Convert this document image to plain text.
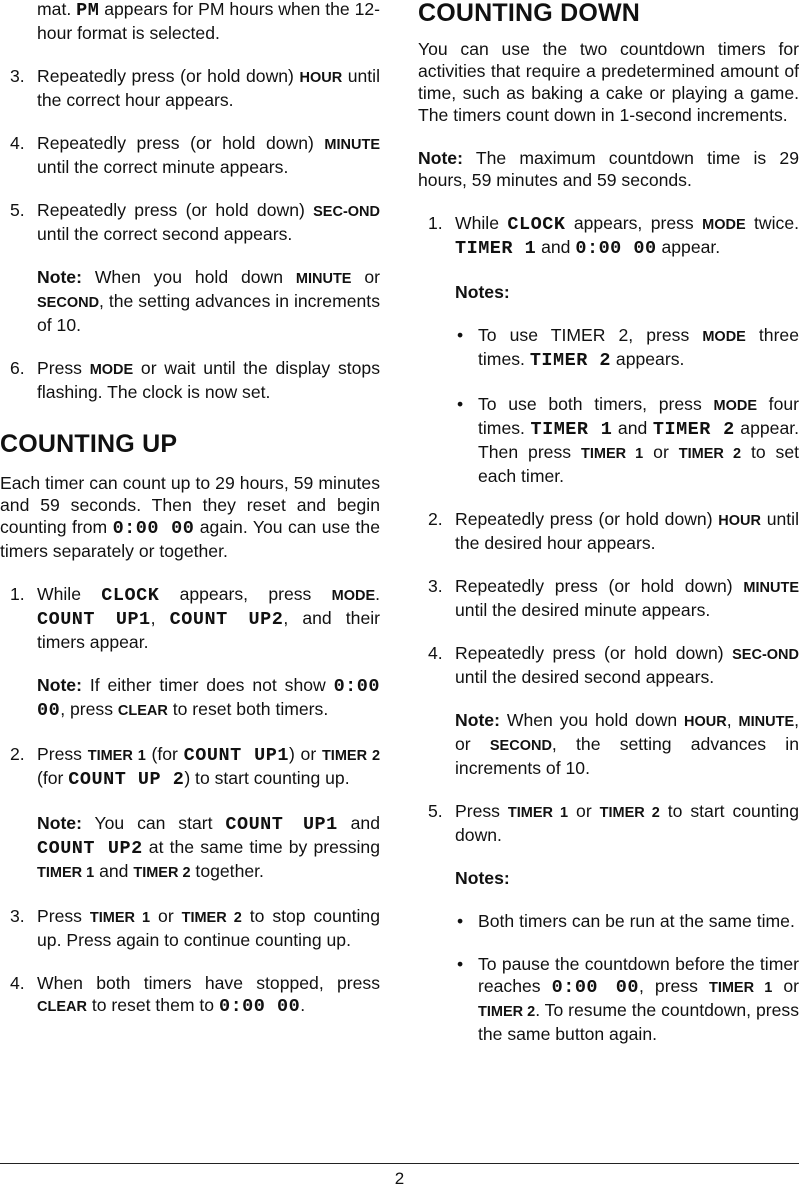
mat. PM appears for PM hours when the 12-hour format is selected.

3. Repeatedly press (or hold down) HOUR until the correct hour appears.

4. Repeatedly press (or hold down) MINUTE until the correct minute appears.

5. Repeatedly press (or hold down) SEC-OND until the correct second appears.

Note: When you hold down MINUTE or SECOND, the setting advances in increments of 10.

6. Press MODE or wait until the display stops flashing. The clock is now set.

COUNTING UP

Each timer can count up to 29 hours, 59 minutes and 59 seconds. Then they reset and begin counting from 0:00 00 again. You can use the timers separately or together.

1. While CLOCK appears, press MODE. COUNT UP1, COUNT UP2, and their timers appear.

Note: If either timer does not show 0:00 00, press CLEAR to reset both timers.

2. Press TIMER 1 (for COUNT UP1) or TIMER 2 (for COUNT UP 2) to start counting up.

Note: You can start COUNT UP1 and COUNT UP2 at the same time by pressing TIMER 1 and TIMER 2 together.

3. Press TIMER 1 or TIMER 2 to stop counting up. Press again to continue counting up.

4. When both timers have stopped, press CLEAR to reset them to 0:00 00.

COUNTING DOWN

You can use the two countdown timers for activities that require a predetermined amount of time, such as baking a cake or playing a game. The timers count down in 1-second increments.

Note: The maximum countdown time is 29 hours, 59 minutes and 59 seconds.

1. While CLOCK appears, press MODE twice. TIMER 1 and 0:00 00 appear.

Notes:

• To use TIMER 2, press MODE three times. TIMER 2 appears.

• To use both timers, press MODE four times. TIMER 1 and TIMER 2 appear. Then press TIMER 1 or TIMER 2 to set each timer.

2. Repeatedly press (or hold down) HOUR until the desired hour appears.

3. Repeatedly press (or hold down) MINUTE until the desired minute appears.

4. Repeatedly press (or hold down) SEC-OND until the desired second appears.

Note: When you hold down HOUR, MINUTE, or SECOND, the setting advances in increments of 10.

5. Press TIMER 1 or TIMER 2 to start counting down.

Notes:

• Both timers can be run at the same time.

• To pause the countdown before the timer reaches 0:00 00, press TIMER 1 or TIMER 2. To resume the countdown, press the same button again.

2
